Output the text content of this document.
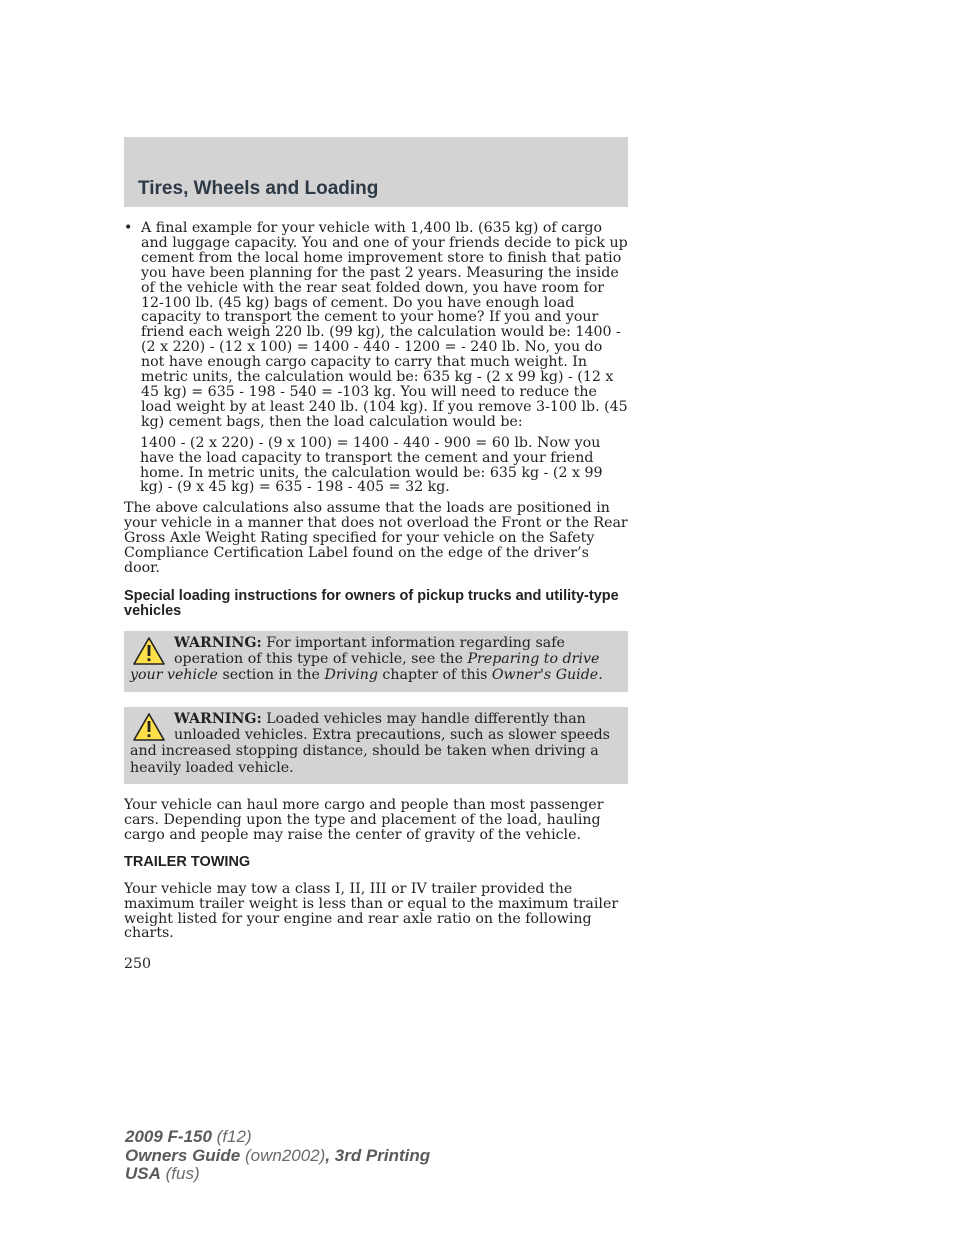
Tires, Wheels and Loading
• A final example for your vehicle with 1,400 lb. (635 kg) of cargo and luggage capacity. You and one of your friends decide to pick up cement from the local home improvement store to finish that patio you have been planning for the past 2 years. Measuring the inside of the vehicle with the rear seat folded down, you have room for 12-100 lb. (45 kg) bags of cement. Do you have enough load capacity to transport the cement to your home? If you and your friend each weigh 220 lb. (99 kg), the calculation would be: 1400 - (2 x 220) - (12 x 100) = 1400 - 440 - 1200 = - 240 lb. No, you do not have enough cargo capacity to carry that much weight. In metric units, the calculation would be: 635 kg - (2 x 99 kg) - (12 x 45 kg) = 635 - 198 - 540 = -103 kg. You will need to reduce the load weight by at least 240 lb. (104 kg). If you remove 3-100 lb. (45 kg) cement bags, then the load calculation would be:

1400 - (2 x 220) - (9 x 100) = 1400 - 440 - 900 = 60 lb. Now you have the load capacity to transport the cement and your friend home. In metric units, the calculation would be: 635 kg - (2 x 99 kg) - (9 x 45 kg) = 635 - 198 - 405 = 32 kg.

The above calculations also assume that the loads are positioned in your vehicle in a manner that does not overload the Front or the Rear Gross Axle Weight Rating specified for your vehicle on the Safety Compliance Certification Label found on the edge of the driver’s door.

Special loading instructions for owners of pickup trucks and utility-type vehicles
WARNING: For important information regarding safe operation of this type of vehicle, see the Preparing to drive your vehicle section in the Driving chapter of this Owner's Guide.
WARNING: Loaded vehicles may handle differently than unloaded vehicles. Extra precautions, such as slower speeds and increased stopping distance, should be taken when driving a heavily loaded vehicle.

Your vehicle can haul more cargo and people than most passenger cars. Depending upon the type and placement of the load, hauling cargo and people may raise the center of gravity of the vehicle.

TRAILER TOWING

Your vehicle may tow a class I, II, III or IV trailer provided the maximum trailer weight is less than or equal to the maximum trailer weight listed for your engine and rear axle ratio on the following charts.

250

2009 F-150 (f12)
Owners Guide (own2002), 3rd Printing
USA (fus)
